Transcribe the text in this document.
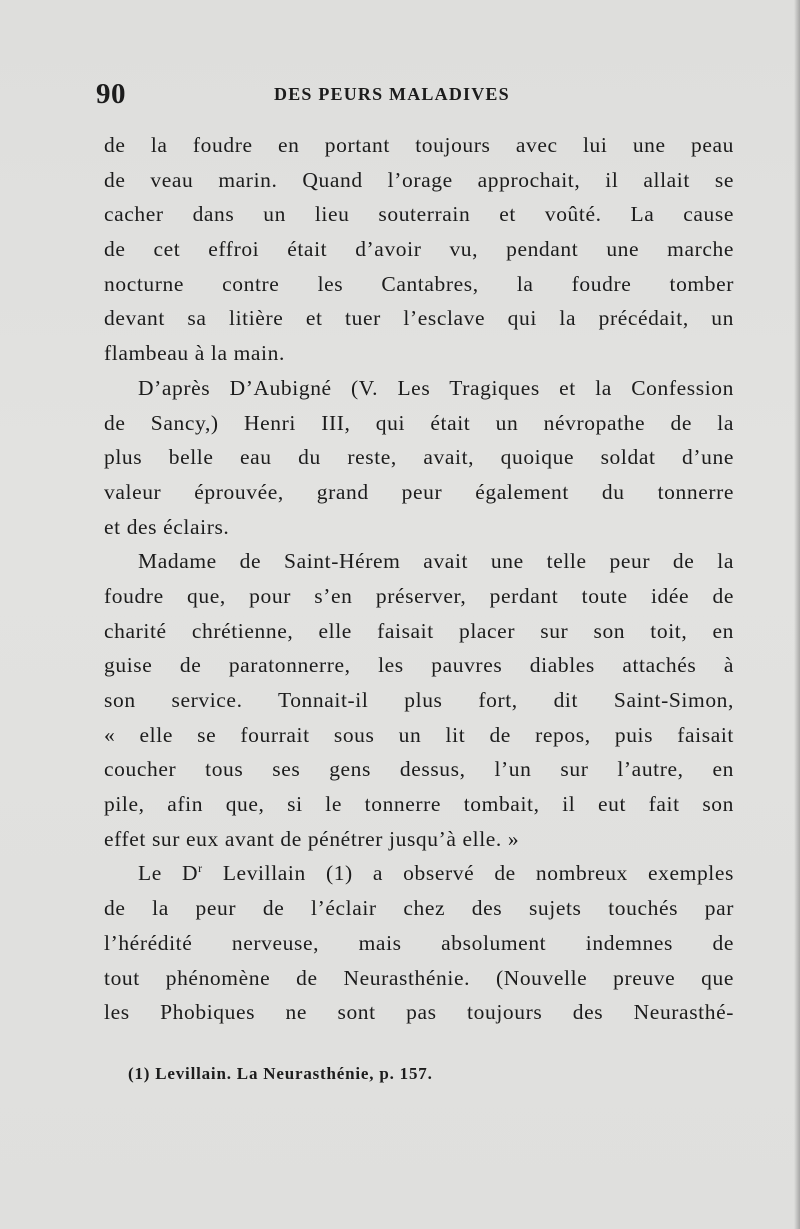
90	DES PEURS MALADIVES
de la foudre en portant toujours avec lui une peau
de veau marin. Quand l’orage approchait, il allait se
cacher dans un lieu souterrain et voûté. La cause
de cet effroi était d’avoir vu, pendant une marche
nocturne contre les Cantabres, la foudre tomber
devant sa litière et tuer l’esclave qui la précédait, un
flambeau à la main.
D’après D’Aubigné (V. Les Tragiques et la Confession
de Sancy,) Henri III, qui était un névropathe de la
plus belle eau du reste, avait, quoique soldat d’une
valeur éprouvée, grand peur également du tonnerre
et des éclairs.
Madame de Saint-Hérem avait une telle peur de la
foudre que, pour s’en préserver, perdant toute idée de
charité chrétienne, elle faisait placer sur son toit, en
guise de paratonnerre, les pauvres diables attachés à
son service. Tonnait-il plus fort, dit Saint-Simon,
« elle se fourrait sous un lit de repos, puis faisait
coucher tous ses gens dessus, l’un sur l’autre, en
pile, afin que, si le tonnerre tombait, il eut fait son
effet sur eux avant de pénétrer jusqu’à elle. »
Le $D^r$ Levillain (1) a observé de nombreux exemples
de la peur de l’éclair chez des sujets touchés par
l’hérédité nerveuse, mais absolument indemnes de
tout phénomène de Neurasthénie. (Nouvelle preuve que
les Phobiques ne sont pas toujours des Neurasthé-
(1) Levillain. La Neurasthénie, p. 157.
